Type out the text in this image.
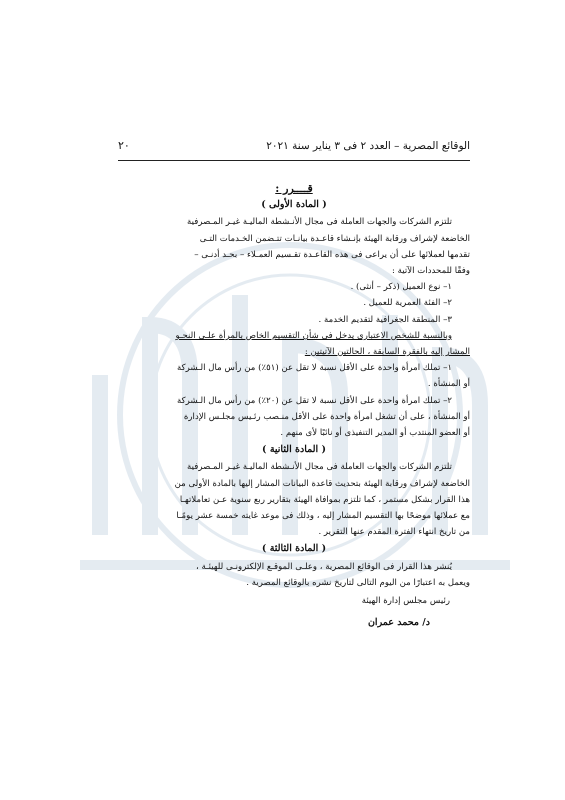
الوقائع المصرية – العدد ٢ فى ٣ يناير سنة ٢٠٢١
٢٠

قــــرر :

( المادة الأولى )

تلتزم الشركات والجهات العاملة فى مجال الأنـشطة الماليـة غيـر المـصرفية

الخاضعة لإشراف ورقابة الهيئة بإنـشاء قاعـدة بيانـات تتـضمن الخـدمات التـى

تقدمها لعملائها على أن يراعى فى هذه القاعـدة تقـسيم العمـلاء – بحـد أدنـى –

وفقًا للمحددات الآتية :

١– نوع العميل (ذكر – أنثى) .

٢– الفئة العمرية للعميل .

٣– المنطقة الجغرافية لتقديم الخدمة .

وبالنسبة للشخص الاعتبارى يدخل فى شأن التقسيم الخاص بالمرأة علـى النحـو

المشار إليه بالفقرة السابقة ، الحالتين الآتيتين :

١– تملك امرأة واحدة على الأقل نسبة لا تقل عن (٥١٪) من رأس مال الـشركة

أو المنشأة .

٢– تملك امرأة واحدة على الأقل نسبة لا تقل عن (٢٠٪) من رأس مال الـشركة

أو المنشأة ، على أن تشغل امرأة واحدة على الأقل منـصب رئـيس مجلـس الإدارة

أو العضو المنتدب أو المدير التنفيذى أو نائبًا لأى منهم .

( المادة الثانية )

تلتزم الشركات والجهات العاملة فى مجال الأنـشطة الماليـة غيـر المـصرفية

الخاضعة لإشراف ورقابة الهيئة بتحديث قاعدة البيانات المشار إليها بالمادة الأولى من

هذا القرار بشكل مستمر ، كما تلتزم بموافاة الهيئة بتقارير ربع سنوية عـن تعاملاتهـا

مع عملائها موضحًا بها التقسيم المشار إليه ، وذلك فى موعد غايته خمسة عشر يومًـا

من تاريخ انتهاء الفترة المقدم عنها التقرير .

( المادة الثالثة )

يُنشر هذا القرار فى الوقائع المصرية ، وعلـى الموقـع الإلكترونـى للهيئـة ،

ويعمل به اعتبارًا من اليوم التالى لتاريخ نشره بالوقائع المصرية .

رئيس مجلس إدارة الهيئة

د/ محمد عمران
